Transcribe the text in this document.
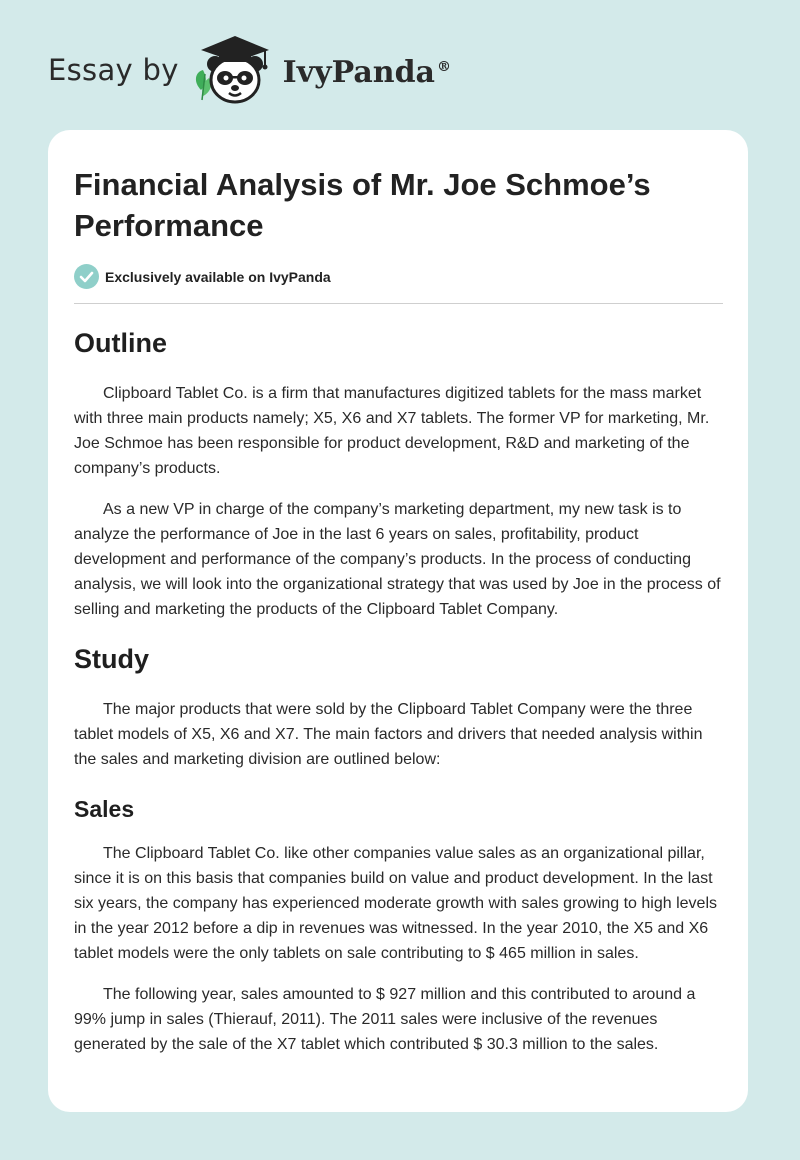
Essay by	IvyPanda ®
Financial Analysis of Mr. Joe Schmoe’s Performance
Exclusively available on IvyPanda
Outline

Clipboard Tablet Co. is a firm that manufactures digitized tablets for the mass market with three main products namely; X5, X6 and X7 tablets. The former VP for marketing, Mr. Joe Schmoe has been responsible for product development, R&D and marketing of the company’s products.

As a new VP in charge of the company’s marketing department, my new task is to analyze the performance of Joe in the last 6 years on sales, profitability, product development and performance of the company’s products. In the process of conducting analysis, we will look into the organizational strategy that was used by Joe in the process of selling and marketing the products of the Clipboard Tablet Company.

Study

The major products that were sold by the Clipboard Tablet Company were the three tablet models of X5, X6 and X7. The main factors and drivers that needed analysis within the sales and marketing division are outlined below:

Sales

The Clipboard Tablet Co. like other companies value sales as an organizational pillar, since it is on this basis that companies build on value and product development. In the last six years, the company has experienced moderate growth with sales growing to high levels in the year 2012 before a dip in revenues was witnessed. In the year 2010, the X5 and X6 tablet models were the only tablets on sale contributing to $ 465 million in sales.

The following year, sales amounted to $ 927 million and this contributed to around a 99% jump in sales (Thierauf, 2011). The 2011 sales were inclusive of the revenues generated by the sale of the X7 tablet which contributed $ 30.3 million to the sales.
